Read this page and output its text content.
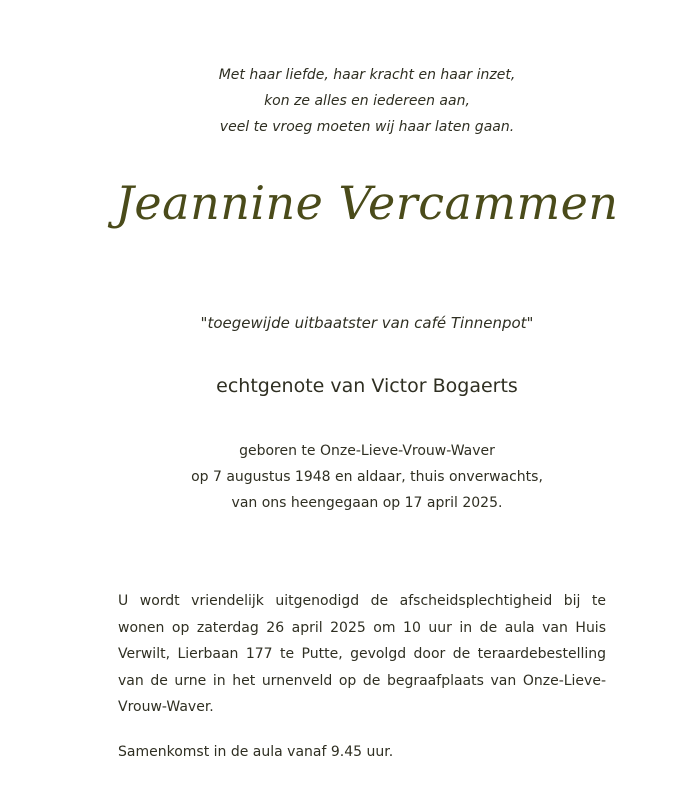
Met haar liefde, haar kracht en haar inzet,
kon ze alles en iedereen aan,
veel te vroeg moeten wij haar laten gaan.
Jeannine Vercammen
"toegewijde uitbaatster van café Tinnenpot"
echtgenote van Victor Bogaerts
geboren te Onze-Lieve-Vrouw-Waver
op 7 augustus 1948 en aldaar, thuis onverwachts,
van ons heengegaan op 17 april 2025.
U wordt vriendelijk uitgenodigd de afscheidsplechtigheid bij te wonen op zaterdag 26 april 2025 om 10 uur in de aula van Huis Verwilt, Lierbaan 177 te Putte, gevolgd door de teraardebestelling van de urne in het urnenveld op de begraafplaats van Onze-Lieve-Vrouw-Waver.
Samenkomst in de aula vanaf 9.45 uur.
